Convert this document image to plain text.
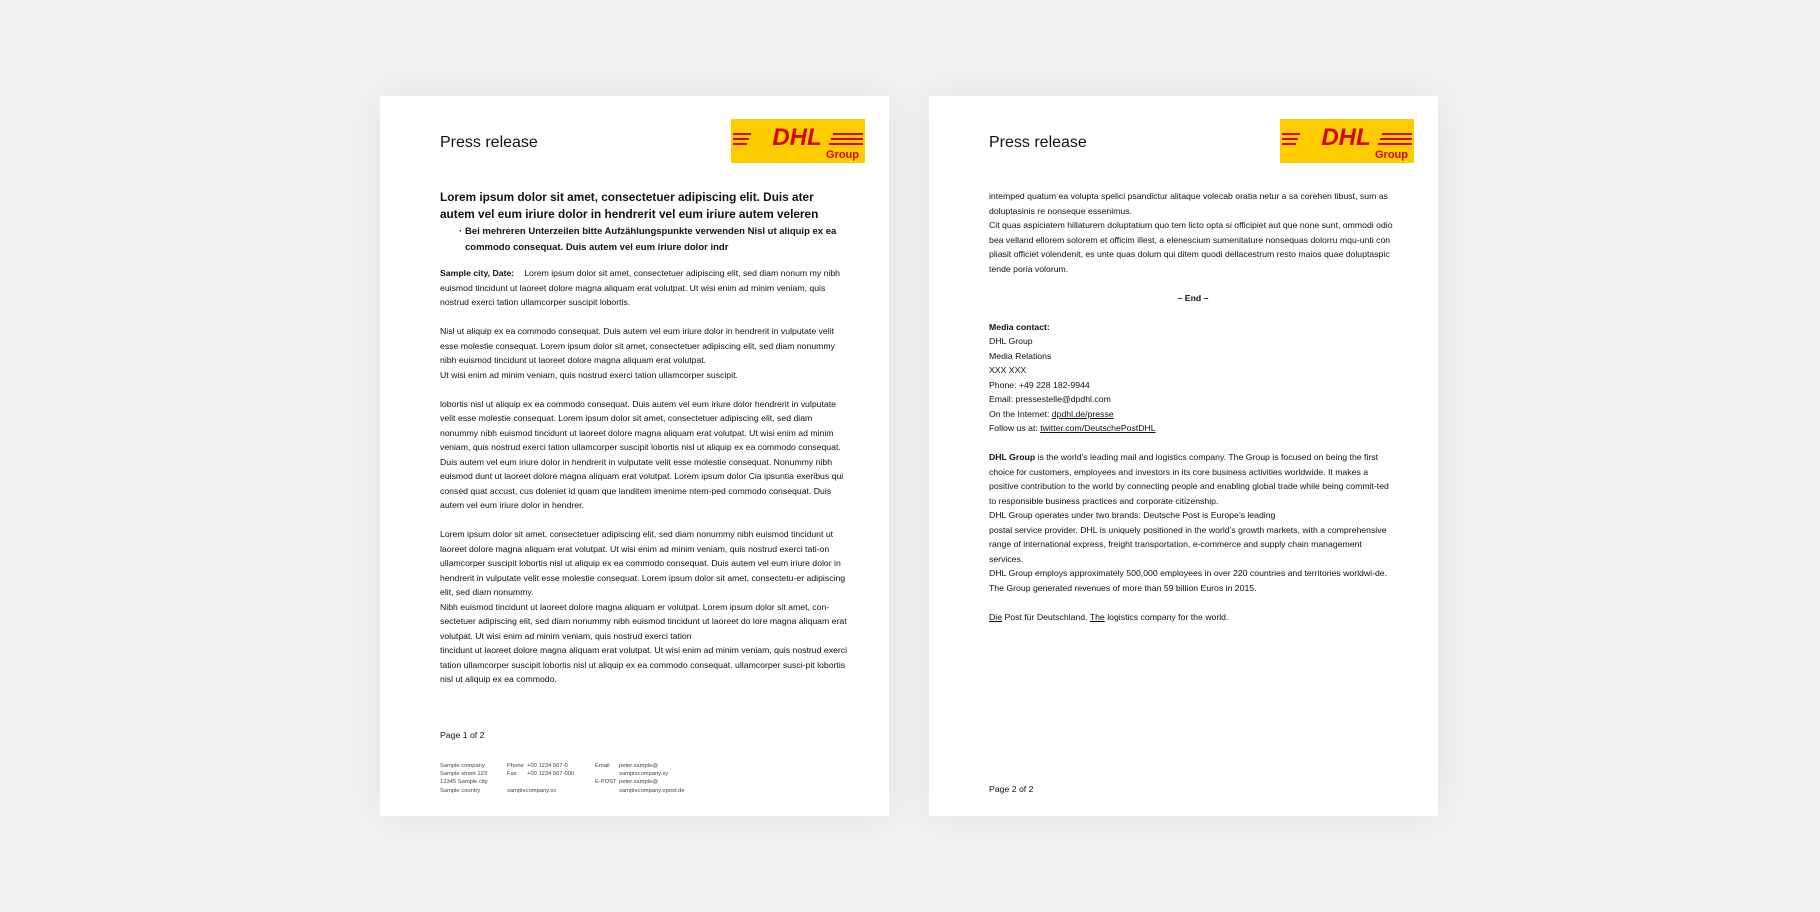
Press release	DHL
Group
Lorem ipsum dolor sit amet, consectetuer adipiscing elit. Duis ater autem vel eum iriure dolor in hendrerit vel eum iriure autem veleren
· Bei mehreren Unterzeilen bitte Aufzählungspunkte verwenden Nisl ut aliquip ex ea commodo consequat. Duis autem vel eum iriure dolor indr

Sample city, Date: Lorem ipsum dolor sit amet, consectetuer adipiscing elit, sed diam nonum my nibh euismod tincidunt ut laoreet dolore magna aliquam erat volutpat. Ut wisi enim ad minim veniam, quis nostrud exerci tation ullamcorper suscipit lobortis.

Nisl ut aliquip ex ea commodo consequat. Duis autem vel eum iriure dolor in hendrerit in vulputate velit esse molestie consequat. Lorem ipsum dolor sit amet, consectetuer adipiscing elit, sed diam nonummy nibh euismod tincidunt ut laoreet dolore magna aliquam erat volutpat.

Ut wisi enim ad minim veniam, quis nostrud exerci tation ullamcorper suscipit.

lobortis nisl ut aliquip ex ea commodo consequat. Duis autem vel eum iriure dolor hendrerit in vulputate velit esse molestie consequat. Lorem ipsum dolor sit amet, consectetuer adipiscing elit, sed diam nonummy nibh euismod tincidunt ut laoreet dolore magna aliquam erat volutpat. Ut wisi enim ad minim veniam, quis nostrud exerci tation ullamcorper suscipit lobortis nisl ut aliquip ex ea commodo consequat. Duis autem vel eum iriure dolor in hendrerit in vulputate velit esse molestie consequat. Nonummy nibh euismod dunt ut laoreet dolore magna aliquam erat volutpat. Lorem ipsum dolor Cia ipsuntia exeribus qui consed quat accust, cus doleniet id quam que landitem imenime ntem-ped commodo consequat. Duis autem vel eum iriure dolor in hendrer.

Lorem ipsum dolor sit amet, consectetuer adipiscing elit, sed diam nonummy nibh euismod tincidunt ut laoreet dolore magna aliquam erat volutpat. Ut wisi enim ad minim veniam, quis nostrud exerci tati-on ullamcorper suscipit lobortis nisl ut aliquip ex ea commodo consequat. Duis autem vel eum iriure dolor in hendrerit in vulputate velit esse molestie consequat. Lorem ipsum dolor sit amet, consectetu-er adipiscing elit, sed diam nonummy.

Nibh euismod tincidunt ut laoreet dolore magna aliquam er volutpat. Lorem ipsum dolor sit amet, con-sectetuer adipiscing elit, sed diam nonummy nibh euismod tincidunt ut laoreet do lore magna aliquam erat volutpat. Ut wisi enim ad minim veniam, quis nostrud exerci tation

tincidunt ut laoreet dolore magna aliquam erat volutpat. Ut wisi enim ad minim veniam, quis nostrud exerci tation ullamcorper suscipit lobortis nisl ut aliquip ex ea commodo consequat. ullamcorper susci-pit lobortis nisl ut aliquip ex ea commodo.

Page 1 of 2
Sample company
Sample street 123
12345 Sample city
Sample country
Phone +00 1234 567-0
Fax +00 1234 567-000

samplecompany.xx
Email peter.sample@
samplecompany.xy
E-POST peter.sample@
samplecompany.epost.de
Press release	DHL
Group

intemped quatum ea volupta spelici psandictur alitaque volecab oratia netur a sa corehen tibust, sum as doluptasinis re nonseque essenimus.

Cit quas aspiciatem hillaturem doluptatium quo tem licto opta si officipiet aut que none sunt, ommodi odio bea velland ellorem solorem et officim illest, a elenescium sumenitature nonsequas dolorru mqu-unti con pliasit officiet volendenit, es unte quas dolum qui ditem quodi dellacestrum resto maios quae doluptaspic tende poria volorum.

– End –

Media contact:

DHL Group

Media Relations

XXX XXX

Phone: +49 228 182-9944

Email: pressestelle@dpdhl.com

On the Internet: dpdhl.de/presse

Follow us at: twitter.com/DeutschePostDHL

DHL Group is the world’s leading mail and logistics company. The Group is focused on being the first choice for customers, employees and investors in its core business activities worldwide. It makes a positive contribution to the world by connecting people and enabling global trade while being commit-ted to responsible business practices and corporate citizenship.

DHL Group operates under two brands: Deutsche Post is Europe’s leading

postal service provider. DHL is uniquely positioned in the world’s growth markets, with a comprehensive range of international express, freight transportation, e-commerce and supply chain management services.

DHL Group employs approximately 500,000 employees in over 220 countries and territories worldwi-de. The Group generated revenues of more than 59 billion Euros in 2015.

Die Post für Deutschland. The logistics company for the world.

Page 2 of 2
